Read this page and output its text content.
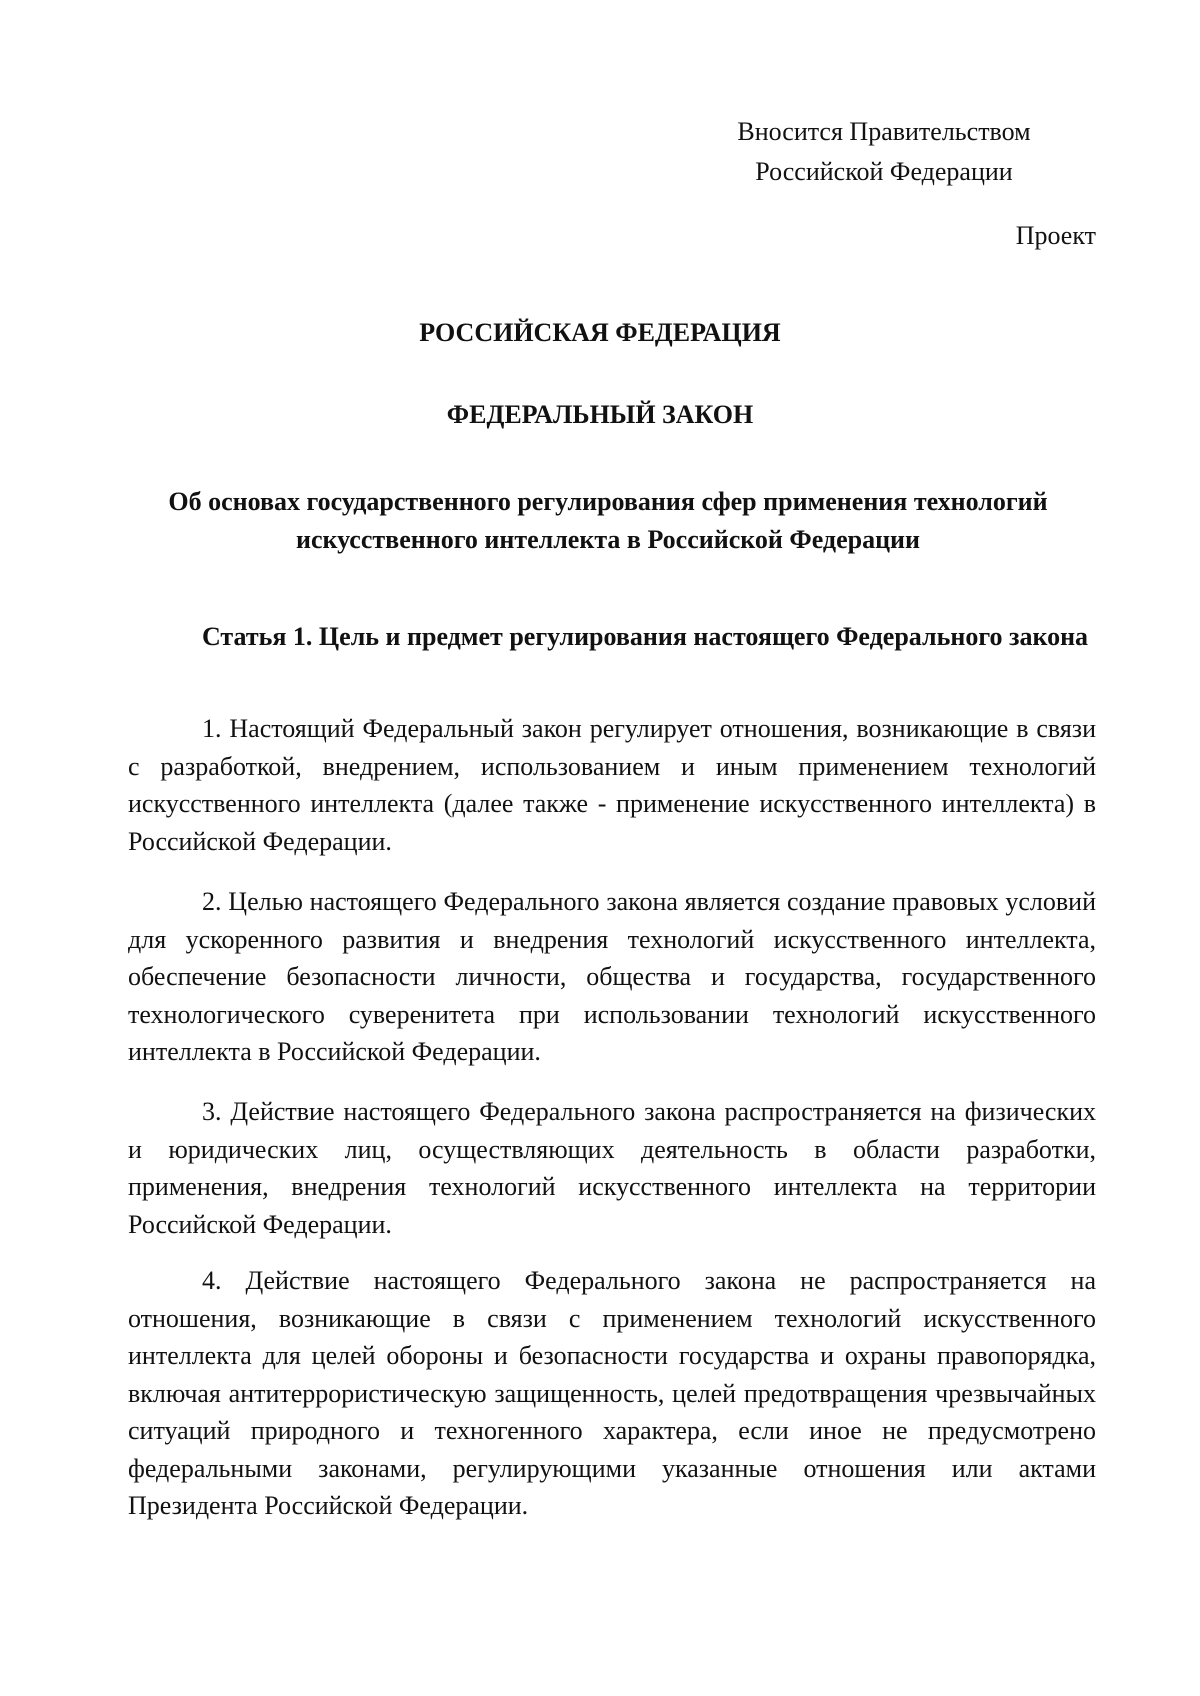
Вносится Правительством
Российской Федерации
Проект
РОССИЙСКАЯ ФЕДЕРАЦИЯ
ФЕДЕРАЛЬНЫЙ ЗАКОН
Об основах государственного регулирования сфер применения технологий
искусственного интеллекта в Российской Федерации
Статья 1. Цель и предмет регулирования настоящего Федерального закона

1. Настоящий Федеральный закон регулирует отношения, возникающие в связи с разработкой, внедрением, использованием и иным применением технологий искусственного интеллекта (далее также - применение искусственного интеллекта) в Российской Федерации.

2. Целью настоящего Федерального закона является создание правовых условий для ускоренного развития и внедрения технологий искусственного интеллекта, обеспечение безопасности личности, общества и государства, государственного технологического суверенитета при использовании технологий искусственного интеллекта в Российской Федерации.

3. Действие настоящего Федерального закона распространяется на физических и юридических лиц, осуществляющих деятельность в области разработки, применения, внедрения технологий искусственного интеллекта на территории Российской Федерации.

4. Действие настоящего Федерального закона не распространяется на отношения, возникающие в связи с применением технологий искусственного интеллекта для целей обороны и безопасности государства и охраны правопорядка, включая антитеррористическую защищенность, целей предотвращения чрезвычайных ситуаций природного и техногенного характера, если иное не предусмотрено федеральными законами, регулирующими указанные отношения или актами Президента Российской Федерации.
